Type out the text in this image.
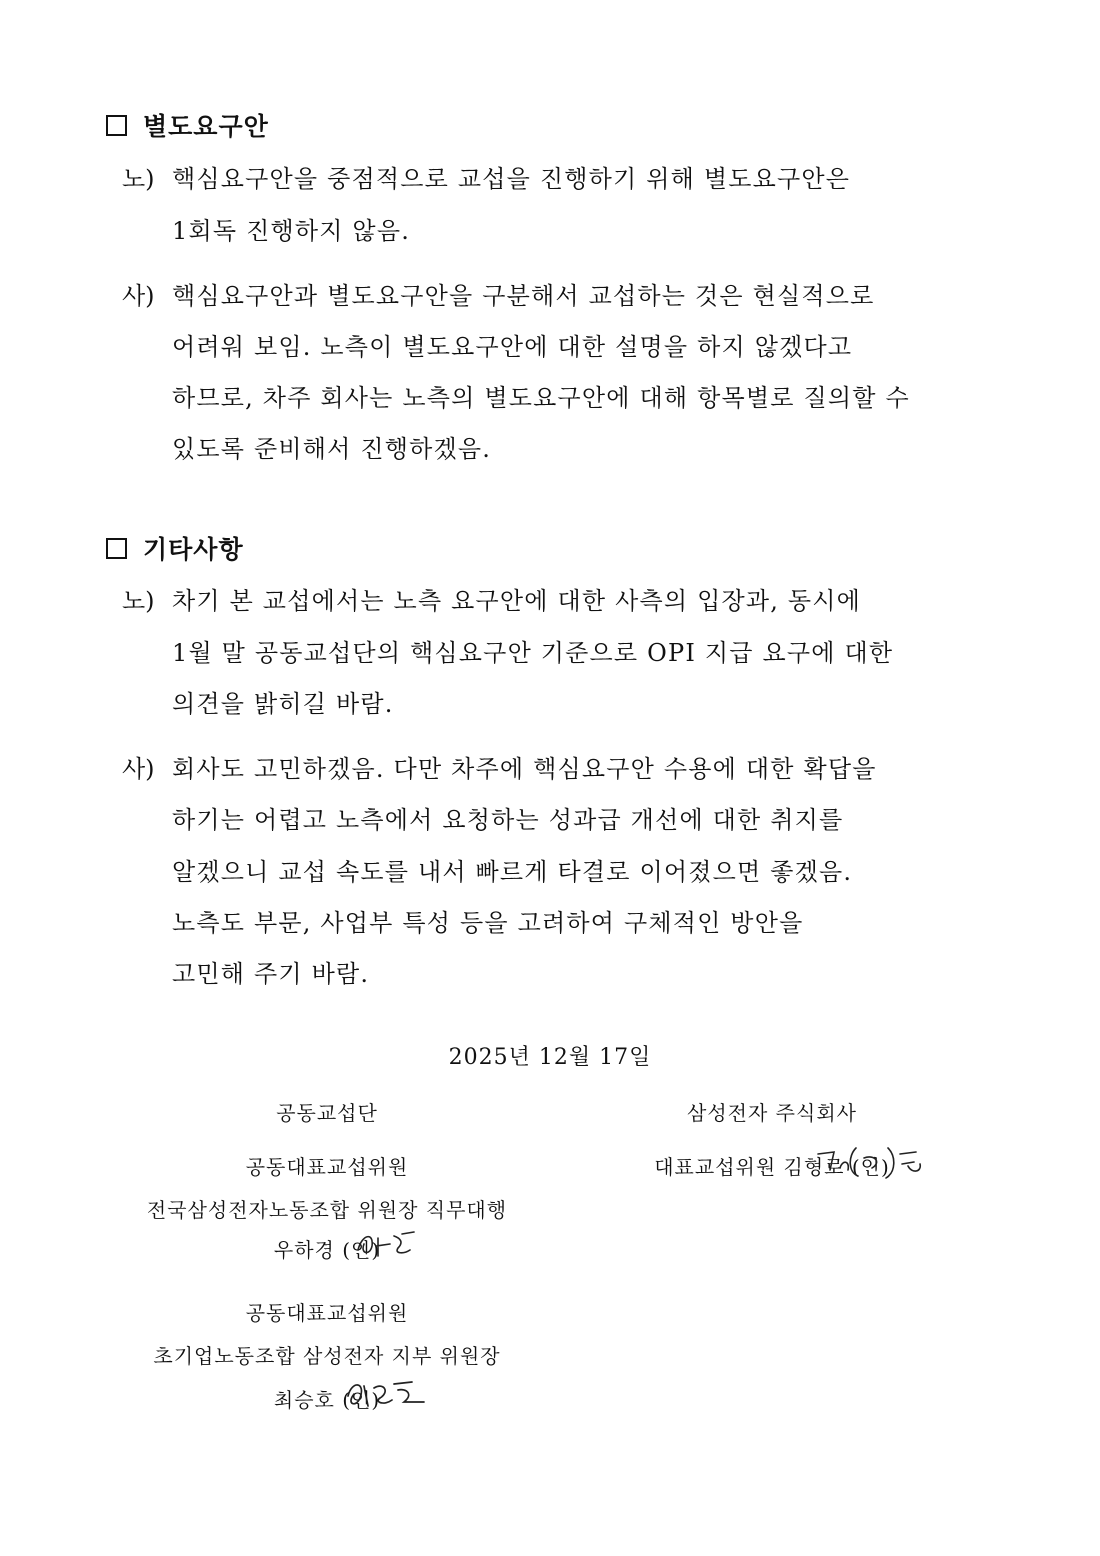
별도요구안
노) 핵심요구안을 중점적으로 교섭을 진행하기 위해 별도요구안은
1회독 진행하지 않음.
사) 핵심요구안과 별도요구안을 구분해서 교섭하는 것은 현실적으로
어려워 보임. 노측이 별도요구안에 대한 설명을 하지 않겠다고
하므로, 차주 회사는 노측의 별도요구안에 대해 항목별로 질의할 수
있도록 준비해서 진행하겠음.
기타사항
노) 차기 본 교섭에서는 노측 요구안에 대한 사측의 입장과, 동시에
1월 말 공동교섭단의 핵심요구안 기준으로 OPI 지급 요구에 대한
의견을 밝히길 바람.
사) 회사도 고민하겠음. 다만 차주에 핵심요구안 수용에 대한 확답을
하기는 어렵고 노측에서 요청하는 성과급 개선에 대한 취지를
알겠으니 교섭 속도를 내서 빠르게 타결로 이어졌으면 좋겠음.
노측도 부문, 사업부 특성 등을 고려하여 구체적인 방안을
고민해 주기 바람.
2025년 12월 17일
공동교섭단
공동대표교섭위원
전국삼성전자노동조합 위원장 직무대행
우하경 (인)
공동대표교섭위원
초기업노동조합 삼성전자 지부 위원장
최승호 (인)
삼성전자 주식회사
대표교섭위원 김형로 (인)
